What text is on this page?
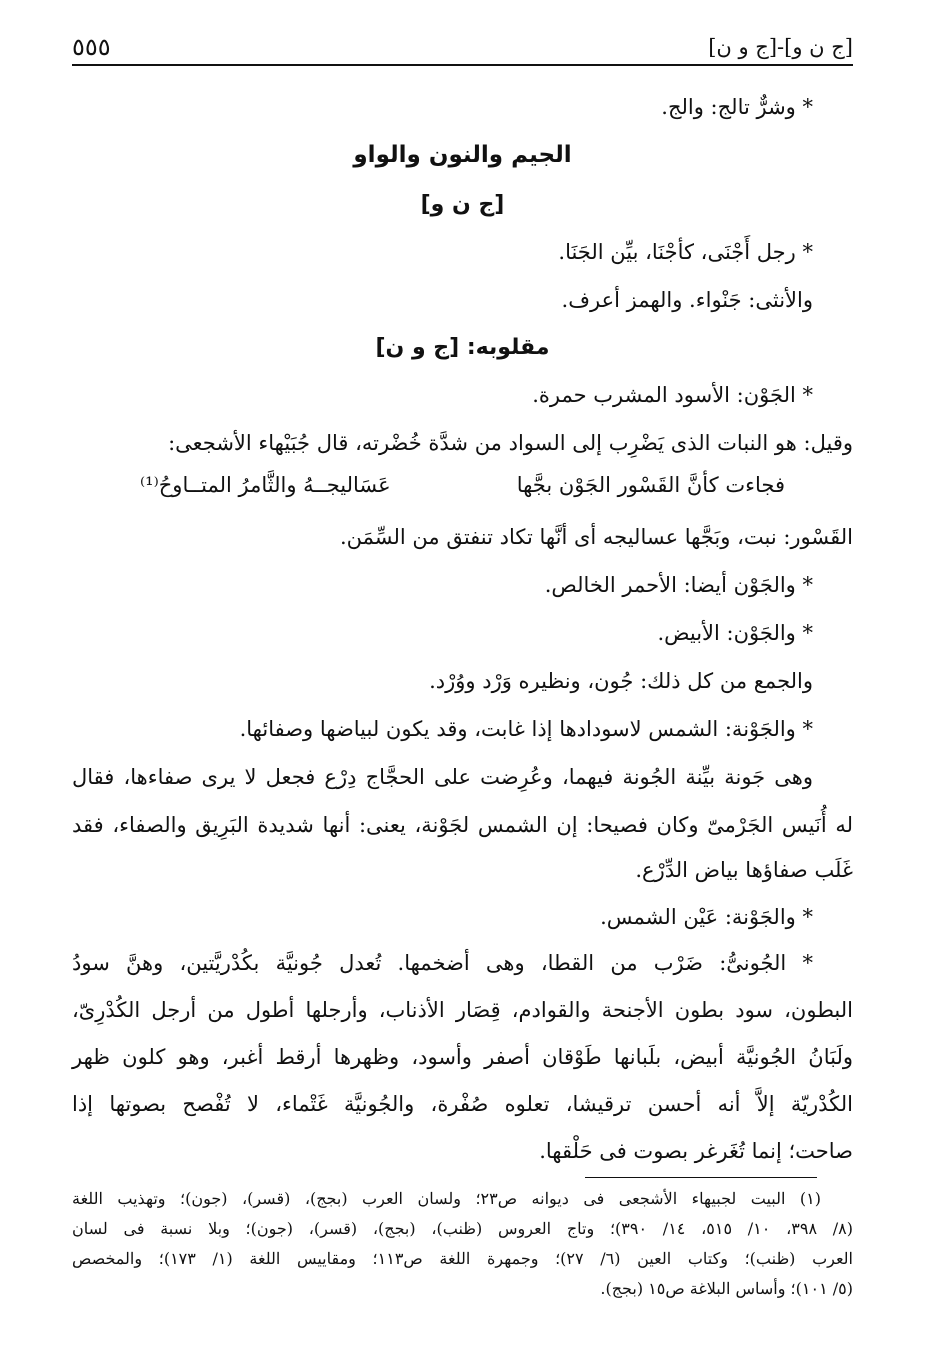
٥٥٥	[ج ن و]-[ج و ن]
* وشرٌّ تالج: والج.
الجيم والنون والواو
[ج ن و]
* رجل أَجْنَى، كأجْنَا، بيِّن الجَنَا.
والأنثى: جَنْواء. والهمز أعرف.
مقلوبه: [ج و ن]
* الجَوْن: الأسود المشرب حمرة.
وقيل: هو النبات الذى يَضْرِب إلى السواد من شدَّة خُضْرته، قال جُبَيْهاء الأشجعى:
فجاءت كأنَّ القَسْور الجَوْن بجَّها
عَسَاليجــهُ والثَّامرُ المتــاوحُ⁽¹⁾
القَسْور: نبت، وبَجَّها عساليجه أى أنَّها تكاد تنفتق من السِّمَن.
* والجَوْن أيضا: الأحمر الخالص.
* والجَوْن: الأبيض.
والجمع من كل ذلك: جُون، ونظيره وَرْد ووُرْد.
* والجَوْنة: الشمس لاسودادها إذا غابت، وقد يكون لبياضها وصفائها.
وهى جَونة بيِّنة الجُونة فيهما، وعُرِضت على الحجَّاج دِرْع فجعل لا يرى صفاءها، فقال
له أُنَيس الجَرْمىّ وكان فصيحا: إن الشمس لجَوْنة، يعنى: أنها شديدة البَرِيق والصفاء، فقد
غَلَب صفاؤها بياض الدِّرْع.
* والجَوْنة: عَيْن الشمس.
* الجُونىُّ: ضَرْب من القطا، وهى أضخمها. تُعدل جُونيَّة بكُدْريَّتين، وهنَّ سودُ
البطون، سود بطون الأجنحة والقوادم، قِصَار الأذناب، وأرجلها أطول من أرجل الكُدْرِىّ،
ولَبَانُ الجُونيَّة أبيض، بلَبانها طَوْقان أصفر وأسود، وظهرها أرقط أغبر، وهو كلون ظهر
الكُدْريّة إلاَّ أنه أحسن ترقيشا، تعلوه صُفْرة، والجُونيَّة غَتْماء، لا تُفْصح بصوتها إذا
صاحت؛ إنما تُغَرغر بصوت فى حَلْقها.
(١) البيت لجبيهاء الأشجعى فى ديوانه ص٢٣؛ ولسان العرب (بجج)، (قسر)، (جون)؛ وتهذيب اللغة
(٨/ ٣٩٨، ١٠/ ٥١٥، ١٤/ ٣٩٠)؛ وتاج العروس (ظنب)، (بجج)، (قسر)، (جون)؛ وبلا نسبة فى لسان
العرب (ظنب)؛ وكتاب العين (٦/ ٢٧)؛ وجمهرة اللغة ص١١٣؛ ومقاييس اللغة (١/ ١٧٣)؛ والمخصص
(٥/ ١٠١)؛ وأساس البلاغة ص١٥ (بجج).
